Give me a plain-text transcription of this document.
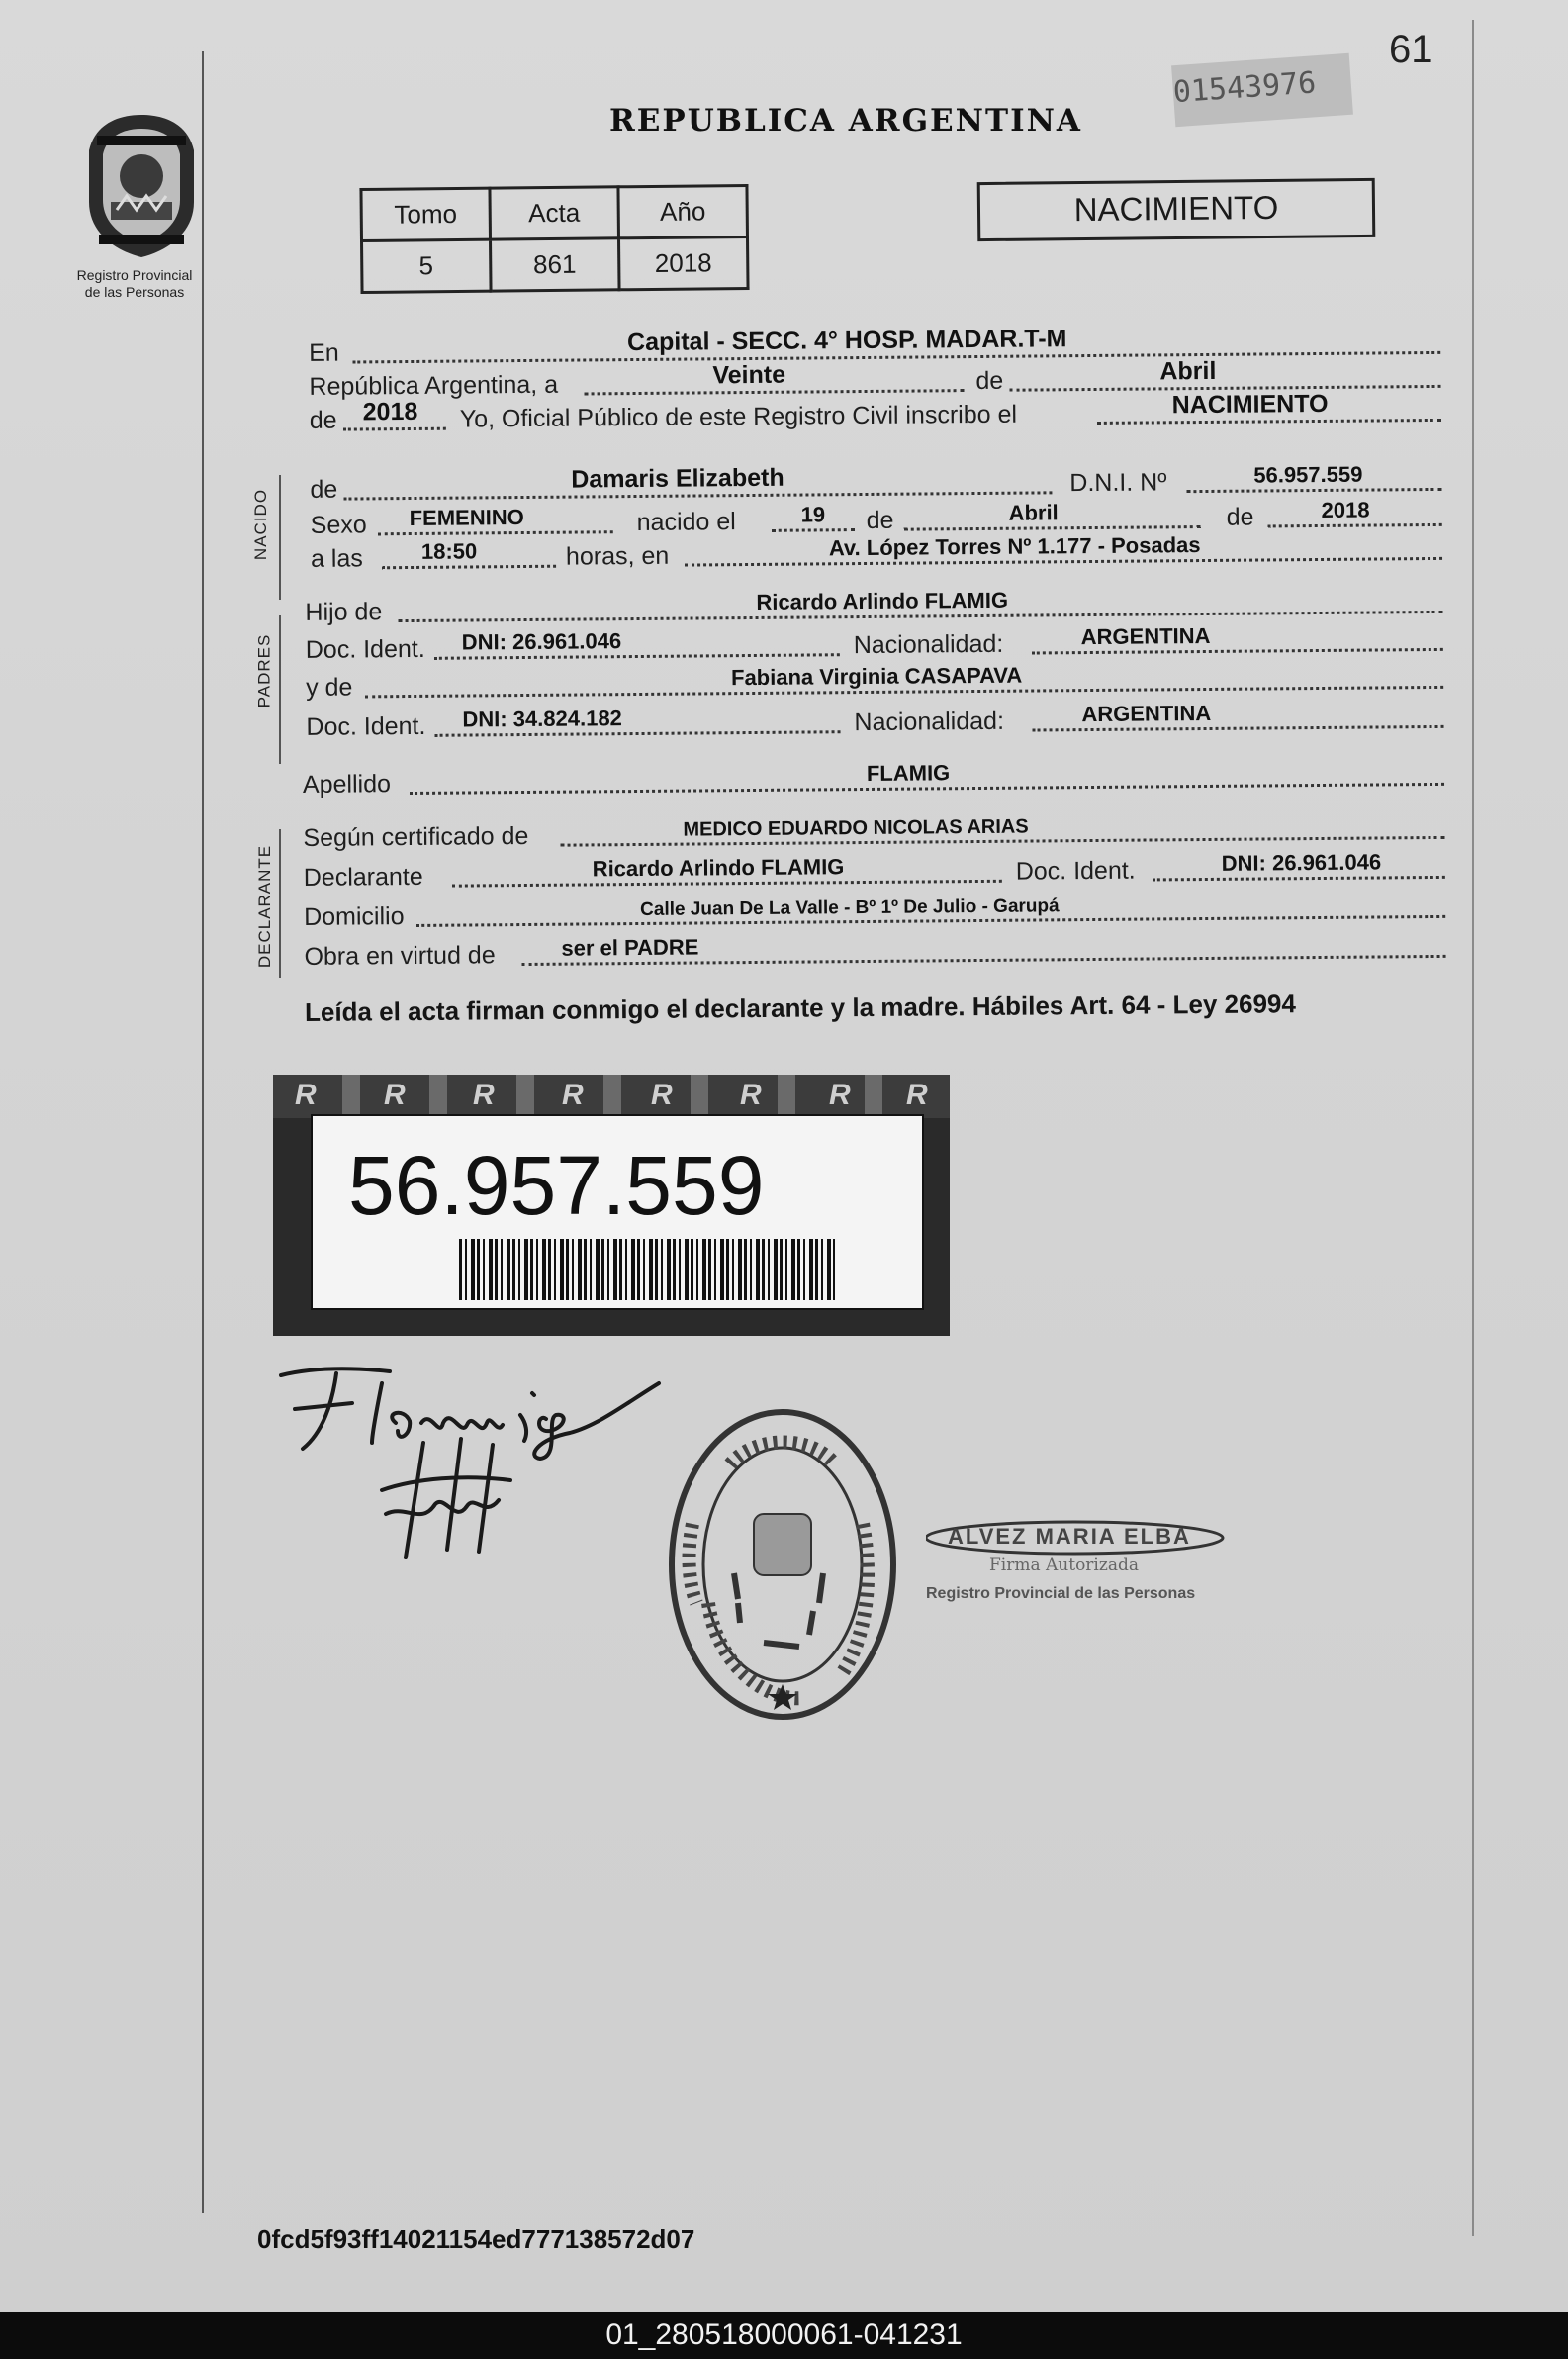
61
01543976
Registro Provincial
de las Personas
REPUBLICA ARGENTINA
Tomo	Acta	Año
5	861	2018
NACIMIENTO
NACIDO
PADRES
DECLARANTE
En	Capital - SECC. 4° HOSP. MADAR.T-M
República Argentina, a	Veinte	de	Abril
de 2018 Yo, Oficial Público de este Registro Civil inscribo el	NACIMIENTO
de	Damaris Elizabeth	D.N.I. Nº	56.957.559
Sexo FEMENINO	nacido el	19 de	Abril	de	2018
a las	18:50	horas, en	Av. López Torres Nº 1.177 - Posadas
Hijo de	Ricardo Arlindo FLAMIG
Doc. Ident. DNI: 26.961.046	Nacionalidad:	ARGENTINA
y de	Fabiana Virginia CASAPAVA
Doc. Ident. DNI: 34.824.182	Nacionalidad:	ARGENTINA
Apellido	FLAMIG
Según certificado de	MEDICO EDUARDO NICOLAS ARIAS
Declarante	Ricardo Arlindo FLAMIG	Doc. Ident.	DNI: 26.961.046
Domicilio	Calle Juan De La Valle - Bº 1º De Julio - Garupá
Obra en virtud de	ser el PADRE
Leída el acta firman conmigo el declarante y la madre. Hábiles Art. 64 - Ley 26994
R R R R R R R R
56.957.559
ALVEZ MARIA ELBA
Firma Autorizada
Registro Provincial de las Personas
0fcd5f93ff14021154ed777138572d07
01_280518000061-041231
